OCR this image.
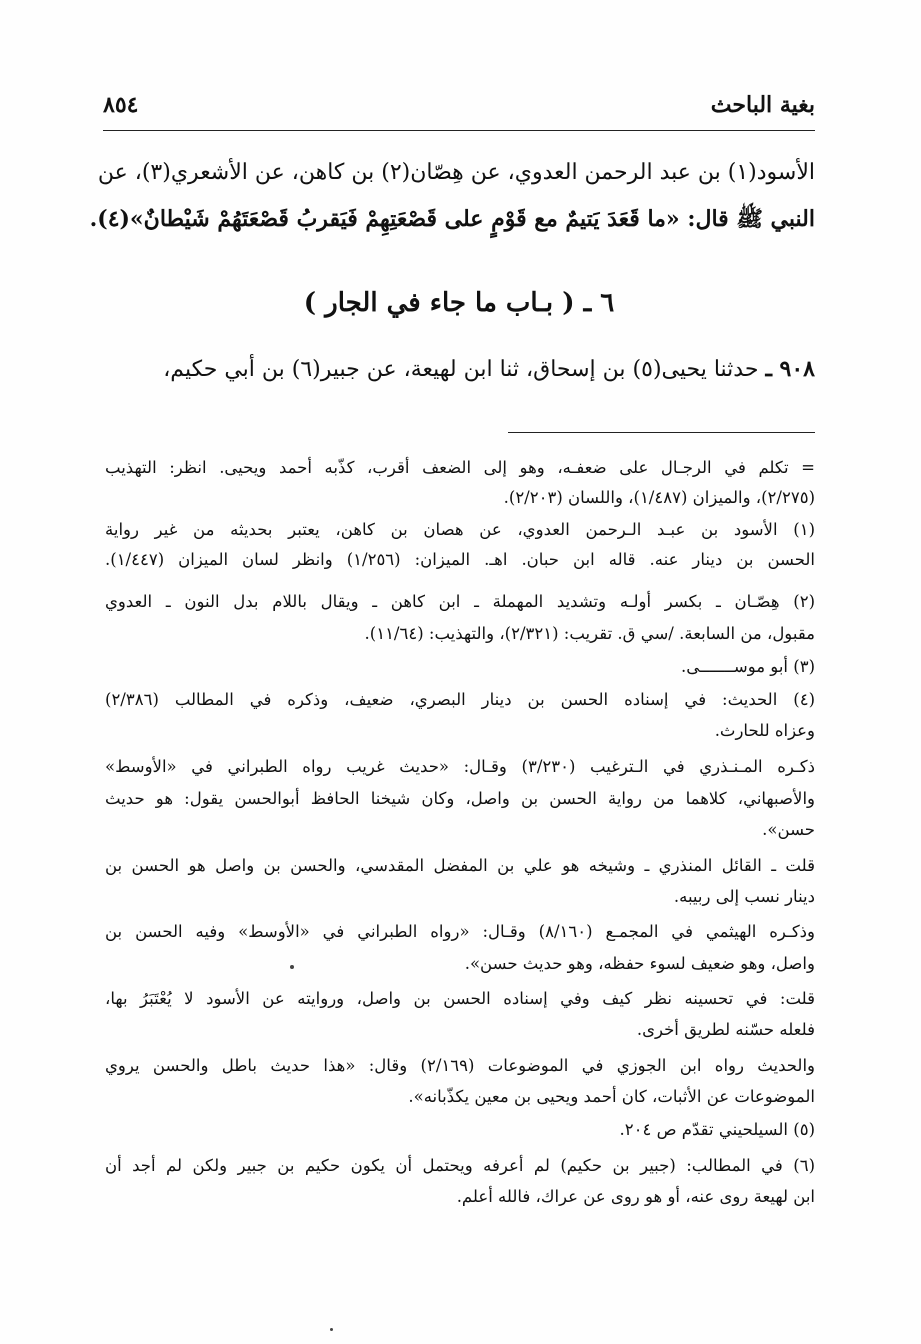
بغية الباحث
٨٥٤
الأسود(١) بن عبد الرحمن العدوي، عن هِصّان(٢) بن كاهن، عن الأشعري(٣)، عن
النبي ﷺ قال: «ما قَعَدَ يَتيمٌ مع قَوْمٍ على قَصْعَتِهِمْ فَيَقربُ قَصْعَتَهُمْ شَيْطانٌ»(٤).
٦ ـ ( بـاب ما جاء في الجار )
٩٠٨ ـ حدثنا يحيى(٥) بن إسحاق، ثنا ابن لهيعة، عن جبير(٦) بن أبي حكيم،
= تكلم في الرجـال على ضعفـه، وهو إلى الضعف أقرب، كذّبه أحمد ويحيى. انظر: التهذيب
(٢/٢٧٥)، والميزان (١/٤٨٧)، واللسان (٢/٢٠٣).
(١) الأسود بن عبـد الـرحمن العدوي، عن هصان بن كاهن، يعتبر بحديثه من غير رواية
الحسن بن دينار عنه. قاله ابن حبان. اهـ. الميزان: (١/٢٥٦) وانظر لسان الميزان (١/٤٤٧).
(٢) هِصّـان ـ بكسر أولـه وتشديد المهملة ـ ابن كاهن ـ ويقال باللام بدل النون ـ العدوي
مقبول، من السابعة. /سي ق. تقريب: (٢/٣٢١)، والتهذيب: (١١/٦٤).
(٣) أبو موســـــــى.
(٤) الحديث: في إسناده الحسن بن دينار البصري، ضعيف، وذكره في المطالب (٢/٣٨٦)
وعزاه للحارث.
ذكـره المـنـذري في الـترغيب (٣/٢٣٠) وقـال: «حديث غريب رواه الطبراني في «الأوسط»
والأصبهاني، كلاهما من رواية الحسن بن واصل، وكان شيخنا الحافظ أبوالحسن يقول: هو حديث
حسن».
قلت ـ القائل المنذري ـ وشيخه هو علي بن المفضل المقدسي، والحسن بن واصل هو الحسن بن
دينار نسب إلى ربيبه.
وذكـره الهيثمي في المجمـع (٨/١٦٠) وقـال: «رواه الطبراني في «الأوسط» وفيه الحسن بن
واصل، وهو ضعيف لسوء حفظه، وهو حديث حسن».
قلت: في تحسينه نظر كيف وفي إسناده الحسن بن واصل، وروايته عن الأسود لا يُعْتَبَرُ بها،
فلعله حسّنه لطريق أخرى.
والحديث رواه ابن الجوزي في الموضوعات (٢/١٦٩) وقال: «هذا حديث باطل والحسن يروي
الموضوعات عن الأثبات، كان أحمد ويحيى بن معين يكذّبانه».
(٥) السيلحيني تقدّم ص ٢٠٤.
(٦) في المطالب: (جبير بن حكيم) لم أعرفه ويحتمل أن يكون حكيم بن جبير ولكن لم أجد أن
ابن لهيعة روى عنه، أو هو روى عن عراك، فالله أعلم.
